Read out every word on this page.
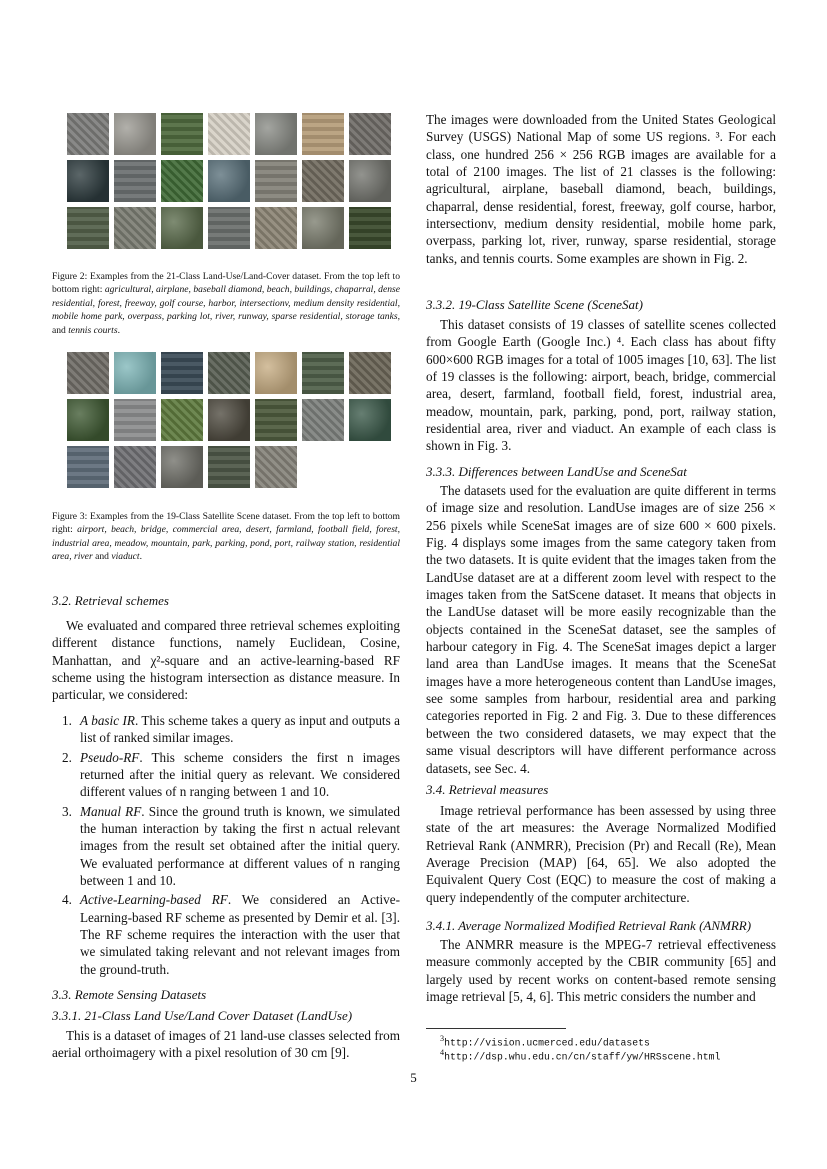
Figure 2: Examples from the 21-Class Land-Use/Land-Cover dataset. From the top left to bottom right: agricultural, airplane, baseball diamond, beach, buildings, chaparral, dense residential, forest, freeway, golf course, harbor, intersectionv, medium density residential, mobile home park, overpass, parking lot, river, runway, sparse residential, storage tanks, and tennis courts.
Figure 3: Examples from the 19-Class Satellite Scene dataset. From the top left to bottom right: airport, beach, bridge, commercial area, desert, farmland, football field, forest, industrial area, meadow, mountain, park, parking, pond, port, railway station, residential area, river and viaduct.
3.2. Retrieval schemes
We evaluated and compared three retrieval schemes exploiting different distance functions, namely Euclidean, Cosine, Manhattan, and χ²-square and an active-learning-based RF scheme using the histogram intersection as distance measure. In particular, we considered:
1. A basic IR. This scheme takes a query as input and outputs a list of ranked similar images.
2. Pseudo-RF. This scheme considers the first n images returned after the initial query as relevant. We considered different values of n ranging between 1 and 10.
3. Manual RF. Since the ground truth is known, we simulated the human interaction by taking the first n actual relevant images from the result set obtained after the initial query. We evaluated performance at different values of n ranging between 1 and 10.
4. Active-Learning-based RF. We considered an Active-Learning-based RF scheme as presented by Demir et al. [3]. The RF scheme requires the interaction with the user that we simulated taking relevant and not relevant images from the ground-truth.
3.3. Remote Sensing Datasets
3.3.1. 21-Class Land Use/Land Cover Dataset (LandUse)
This is a dataset of images of 21 land-use classes selected from aerial orthoimagery with a pixel resolution of 30 cm [9].
The images were downloaded from the United States Geological Survey (USGS) National Map of some US regions. ³. For each class, one hundred 256 × 256 RGB images are available for a total of 2100 images. The list of 21 classes is the following: agricultural, airplane, baseball diamond, beach, buildings, chaparral, dense residential, forest, freeway, golf course, harbor, intersectionv, medium density residential, mobile home park, overpass, parking lot, river, runway, sparse residential, storage tanks, and tennis courts. Some examples are shown in Fig. 2.
3.3.2. 19-Class Satellite Scene (SceneSat)
This dataset consists of 19 classes of satellite scenes collected from Google Earth (Google Inc.) ⁴. Each class has about fifty 600×600 RGB images for a total of 1005 images [10, 63]. The list of 19 classes is the following: airport, beach, bridge, commercial area, desert, farmland, football field, forest, industrial area, meadow, mountain, park, parking, pond, port, railway station, residential area, river and viaduct. An example of each class is shown in Fig. 3.
3.3.3. Differences between LandUse and SceneSat
The datasets used for the evaluation are quite different in terms of image size and resolution. LandUse images are of size 256 × 256 pixels while SceneSat images are of size 600 × 600 pixels. Fig. 4 displays some images from the same category taken from the two datasets. It is quite evident that the images taken from the LandUse dataset are at a different zoom level with respect to the images taken from the SatScene dataset. It means that objects in the LandUse dataset will be more easily recognizable than the objects contained in the SceneSat dataset, see the samples of harbour category in Fig. 4. The SceneSat images depict a larger land area than LandUse images. It means that the SceneSat images have a more heterogeneous content than LandUse images, see some samples from harbour, residential area and parking categories reported in Fig. 2 and Fig. 3. Due to these differences between the two considered datasets, we may expect that the same visual descriptors will have different performance across datasets, see Sec. 4.
3.4. Retrieval measures
Image retrieval performance has been assessed by using three state of the art measures: the Average Normalized Modified Retrieval Rank (ANMRR), Precision (Pr) and Recall (Re), Mean Average Precision (MAP) [64, 65]. We also adopted the Equivalent Query Cost (EQC) to measure the cost of making a query independently of the computer architecture.
3.4.1. Average Normalized Modified Retrieval Rank (ANMRR)
The ANMRR measure is the MPEG-7 retrieval effectiveness measure commonly accepted by the CBIR community [65] and largely used by recent works on content-based remote sensing image retrieval [5, 4, 6]. This metric considers the number and
$^3$http://vision.ucmerced.edu/datasets
$^4$http://dsp.whu.edu.cn/cn/staff/yw/HRSscene.html
5
